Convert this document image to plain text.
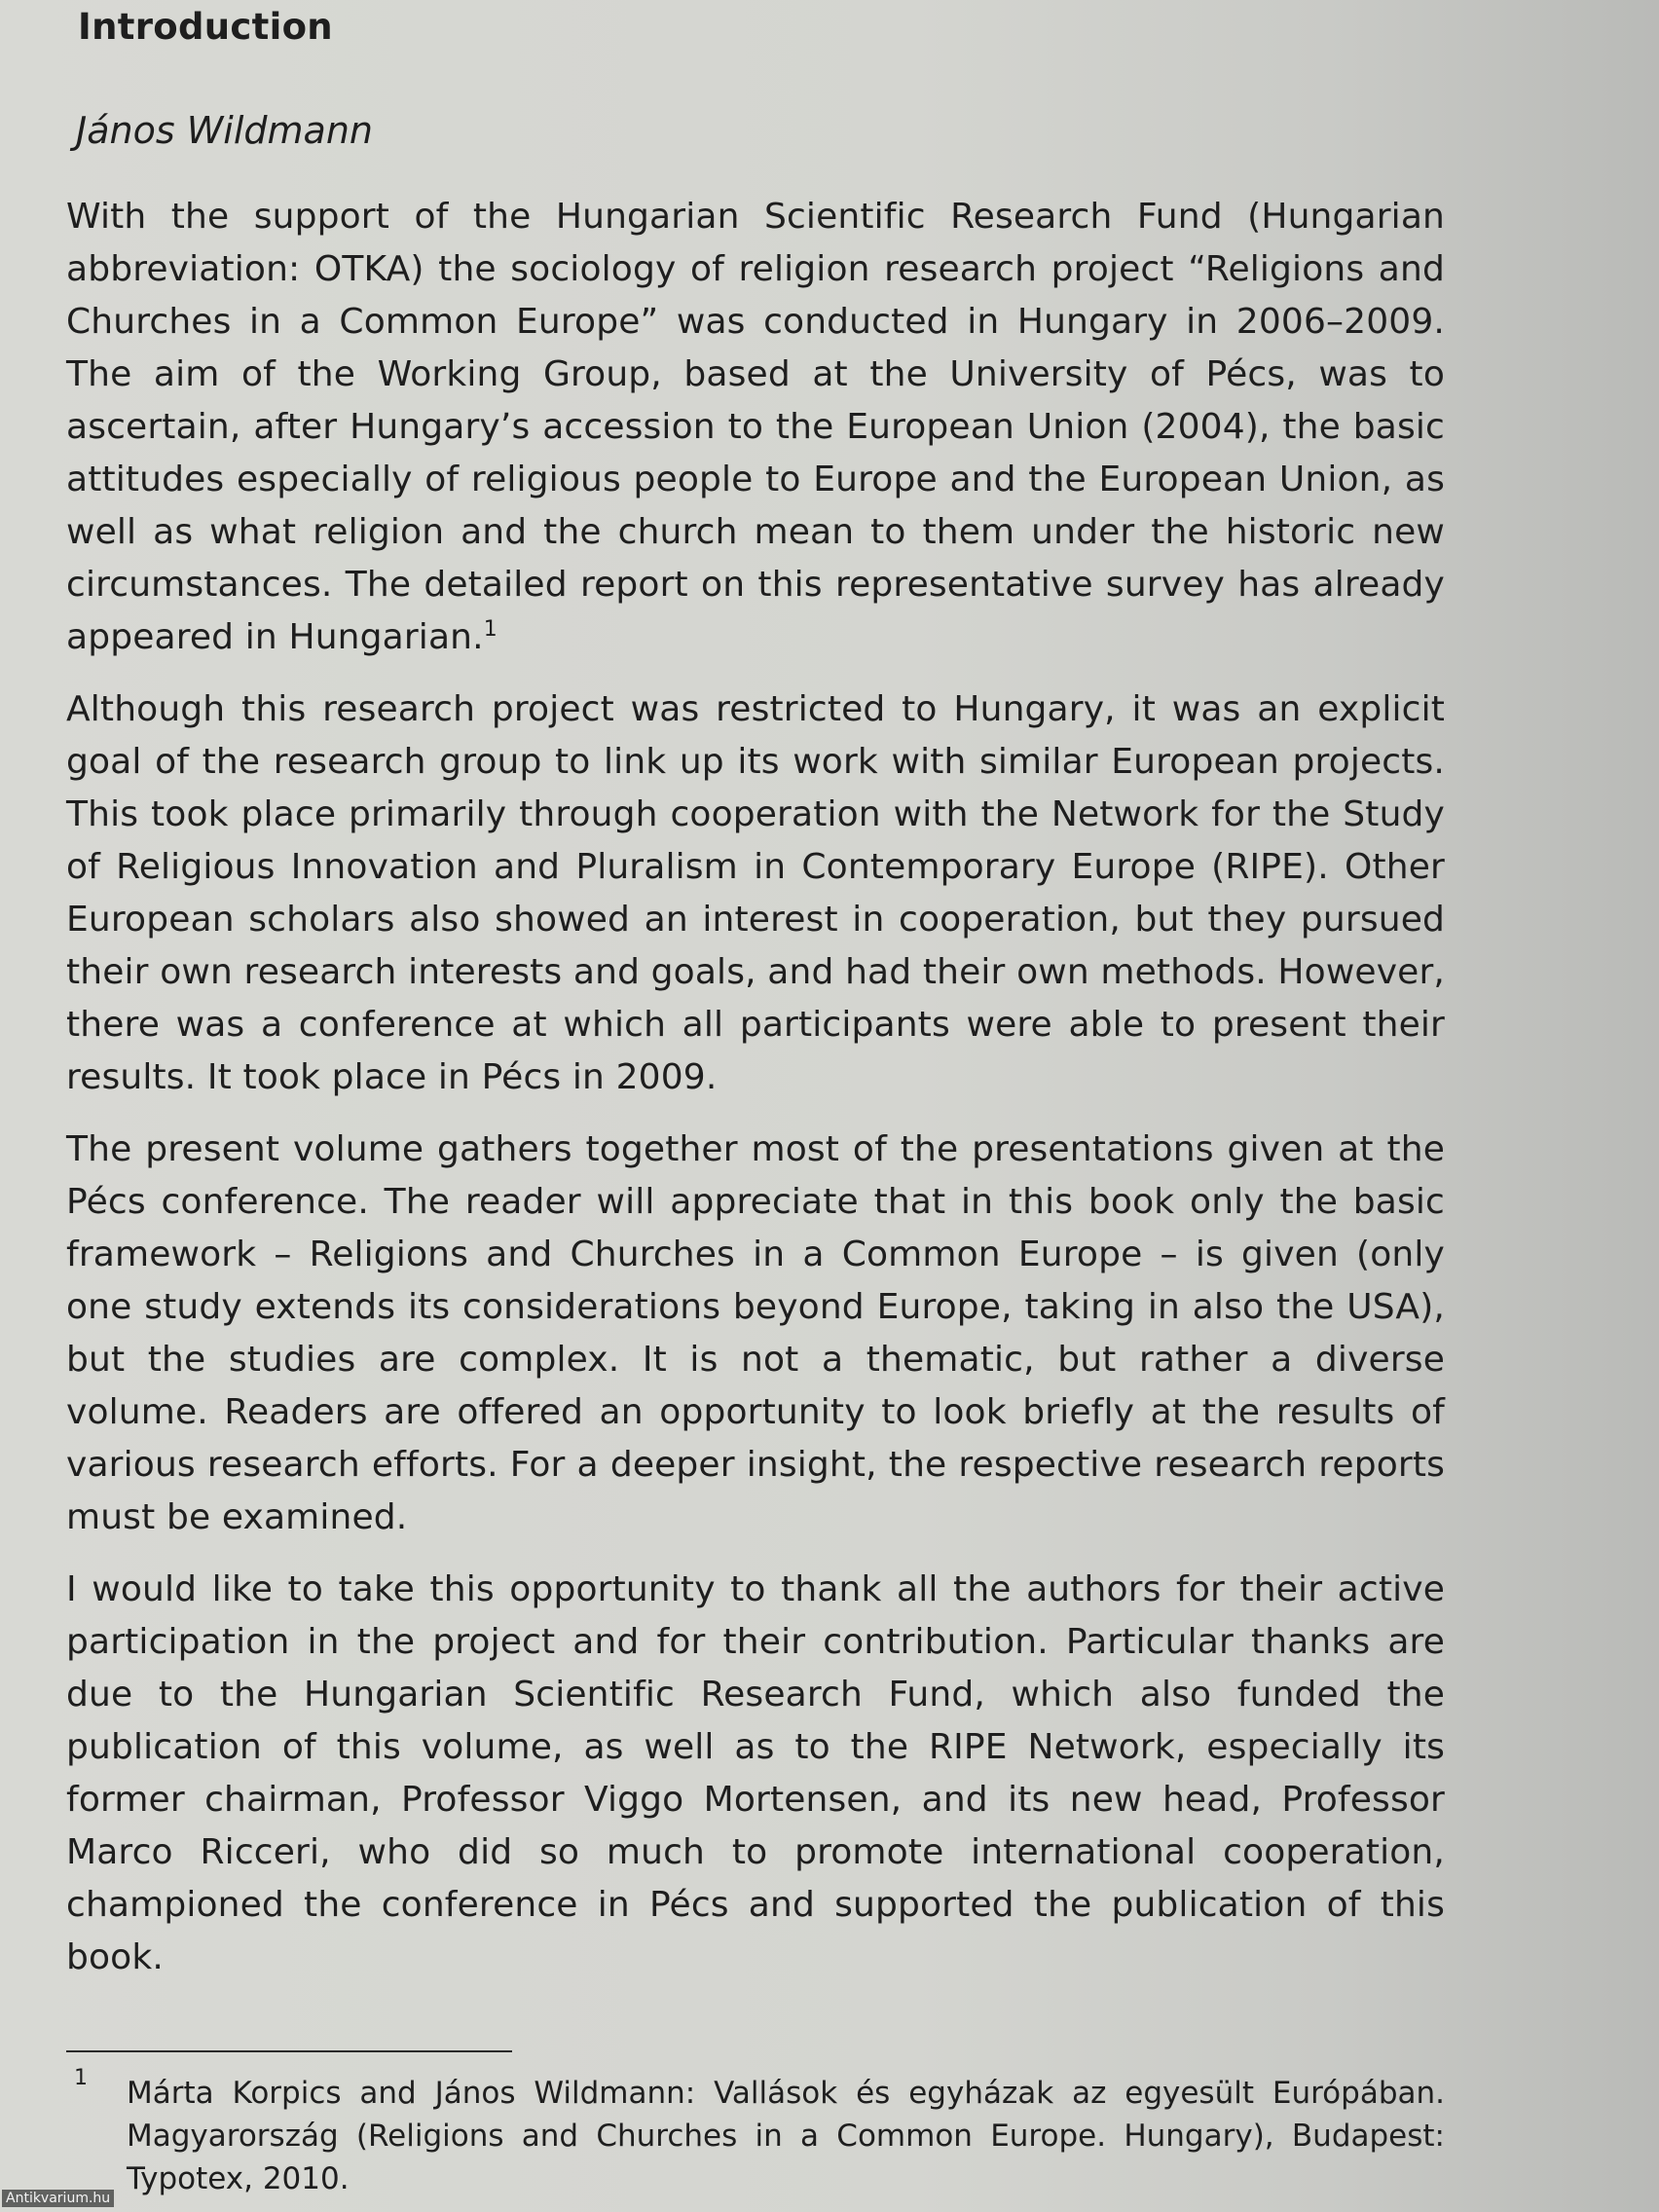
Introduction

János Wildmann

With the support of the Hungarian Scientific Research Fund (Hungarian abbreviation: OTKA) the sociology of religion research project “Religions and Churches in a Common Europe” was conducted in Hungary in 2006–2009. The aim of the Working Group, based at the University of Pécs, was to ascertain, after Hungary’s accession to the European Union (2004), the basic attitudes especially of religious people to Europe and the European Union, as well as what religion and the church mean to them under the historic new circumstances. The detailed report on this representative survey has already appeared in Hungarian.$^1$

Although this research project was restricted to Hungary, it was an explicit goal of the research group to link up its work with similar European projects. This took place primarily through cooperation with the Network for the Study of Religious Innovation and Pluralism in Contemporary Europe (RIPE). Other European scholars also showed an interest in cooperation, but they pursued their own research interests and goals, and had their own methods. However, there was a conference at which all participants were able to present their results. It took place in Pécs in 2009.

The present volume gathers together most of the presentations given at the Pécs conference. The reader will appreciate that in this book only the basic framework – Religions and Churches in a Common Europe – is given (only one study extends its considerations beyond Europe, taking in also the USA), but the studies are complex. It is not a thematic, but rather a diverse volume. Readers are offered an opportunity to look briefly at the results of various research efforts. For a deeper insight, the respective research reports must be examined.

I would like to take this opportunity to thank all the authors for their active participation in the project and for their contribution. Particular thanks are due to the Hungarian Scientific Research Fund, which also funded the publication of this volume, as well as to the RIPE Network, especially its former chairman, Professor Viggo Mortensen, and its new head, Professor Marco Ricceri, who did so much to promote international cooperation, championed the conference in Pécs and supported the publication of this book.

1 Márta Korpics and János Wildmann: Vallások és egyházak az egyesült Európában. Magyarország (Religions and Churches in a Common Europe. Hungary), Budapest: Typotex, 2010.
Antikvarium.hu
